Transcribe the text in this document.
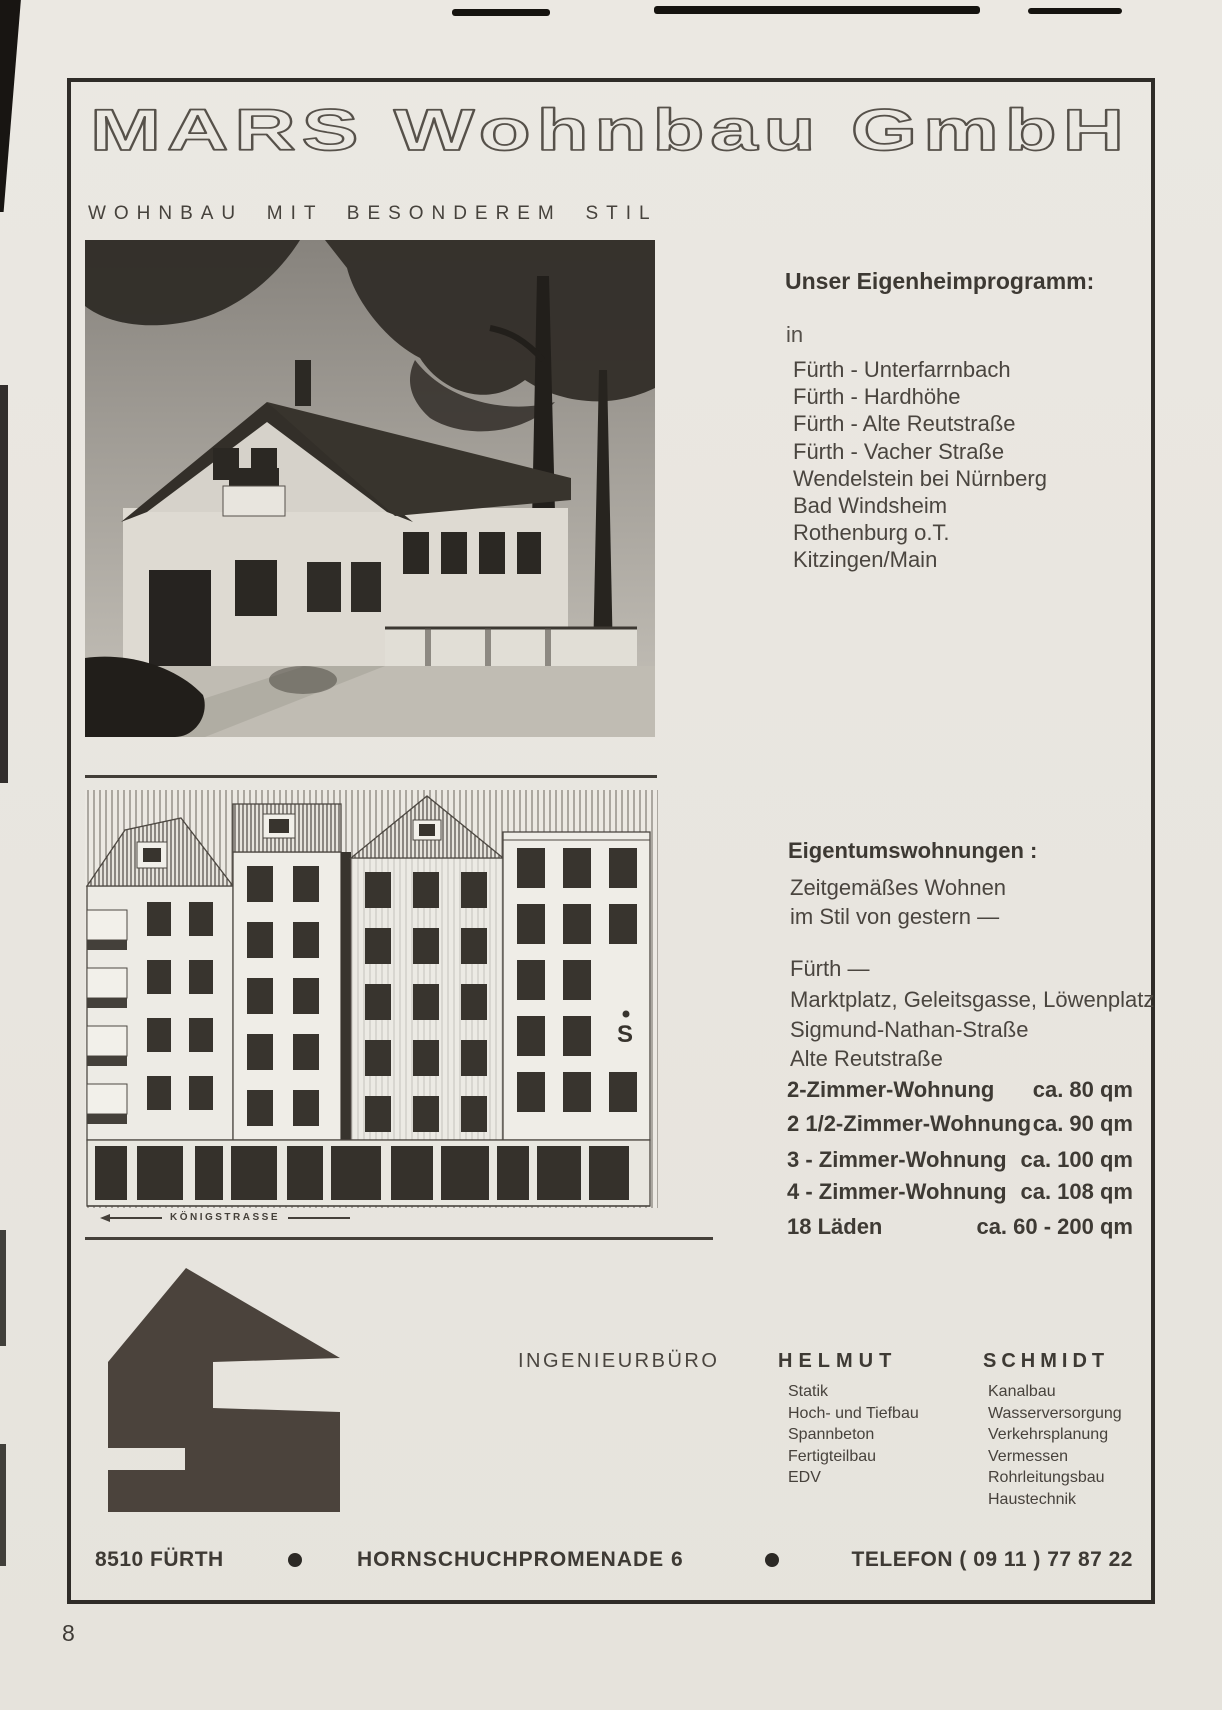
MARS Wohnbau GmbH
WOHNBAU MIT BESONDEREM STIL
Unser Eigenheimprogramm:
in
Fürth - Unterfarrnbach
Fürth - Hardhöhe
Fürth - Alte Reutstraße
Fürth - Vacher Straße
Wendelstein bei Nürnberg
Bad Windsheim
Rothenburg o.T.
Kitzingen/Main
S
KÖNIGSTRASSE
Eigentumswohnungen :
Zeitgemäßes Wohnen
im Stil von gestern —
Fürth —
Marktplatz, Geleitsgasse, Löwenplatz
Sigmund-Nathan-Straße
Alte Reutstraße
2-Zimmer-Wohnung ca. 80 qm
2 1/2-Zimmer-Wohnung ca. 90 qm
3 - Zimmer-Wohnung ca. 100 qm
4 - Zimmer-Wohnung ca. 108 qm
18 Läden	ca. 60 - 200 qm
INGENIEURBÜRO	HELMUT	SCHMIDT
Statik
Hoch- und Tiefbau
Spannbeton
Fertigteilbau
EDV
Kanalbau
Wasserversorgung
Verkehrsplanung
Vermessen
Rohrleitungsbau
Haustechnik
8510 FÜRTH	HORNSCHUCHPROMENADE 6	TELEFON ( 09 11 ) 77 87 22
8
